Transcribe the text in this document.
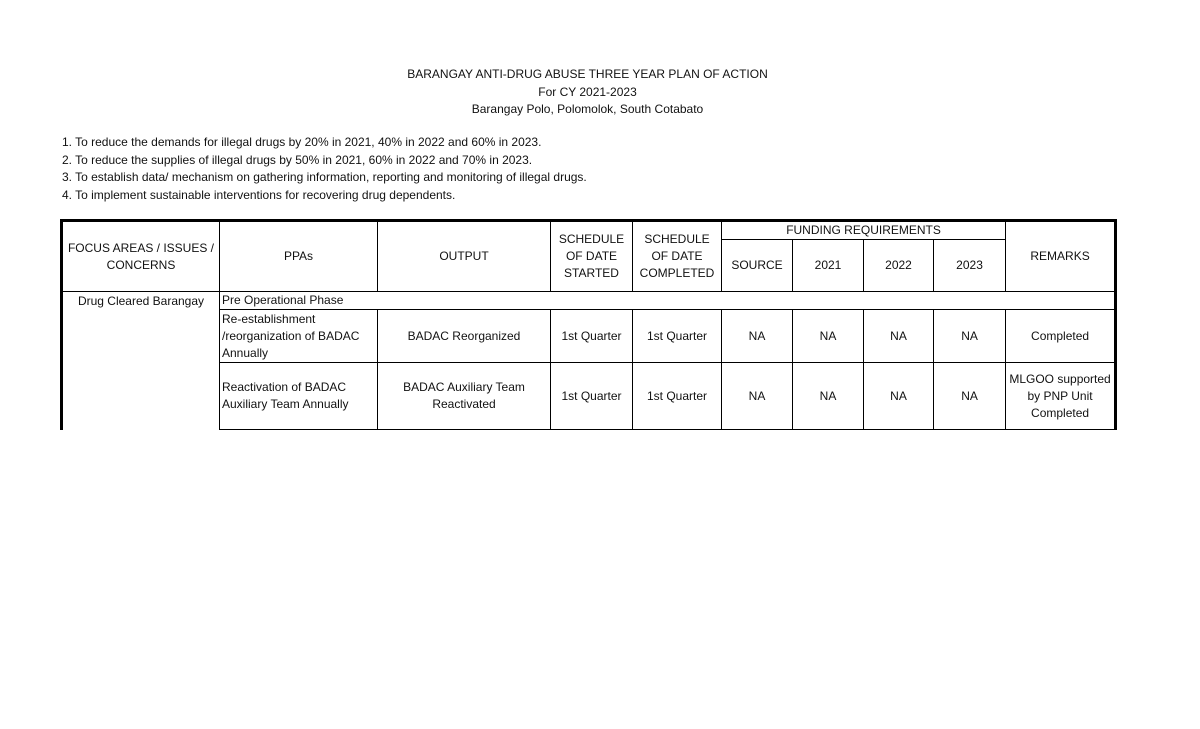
BARANGAY ANTI-DRUG ABUSE THREE YEAR PLAN OF ACTION
For CY 2021-2023
Barangay Polo, Polomolok, South Cotabato
1. To reduce the demands for illegal drugs by 20% in 2021, 40% in 2022 and 60% in 2023.
2. To reduce the supplies of illegal drugs by 50% in 2021, 60% in 2022 and 70% in 2023.
3. To establish data/ mechanism on gathering information, reporting and monitoring of illegal drugs.
4. To implement sustainable interventions for recovering drug dependents.
FOCUS AREAS / ISSUES / CONCERNS	PPAs	OUTPUT	SCHEDULE OF DATE STARTED	SCHEDULE OF DATE COMPLETED	FUNDING REQUIREMENTS				REMARKS
					SOURCE	2021	2022	2023	
Drug Cleared Barangay	Pre Operational Phase								
	Re-establishment /reorganization of BADAC Annually	BADAC Reorganized	1st Quarter	1st Quarter	NA	NA	NA	NA	Completed
	Reactivation of BADAC Auxiliary Team Annually	BADAC Auxiliary Team Reactivated	1st Quarter	1st Quarter	NA	NA	NA	NA	MLGOO supported by PNP Unit Completed
